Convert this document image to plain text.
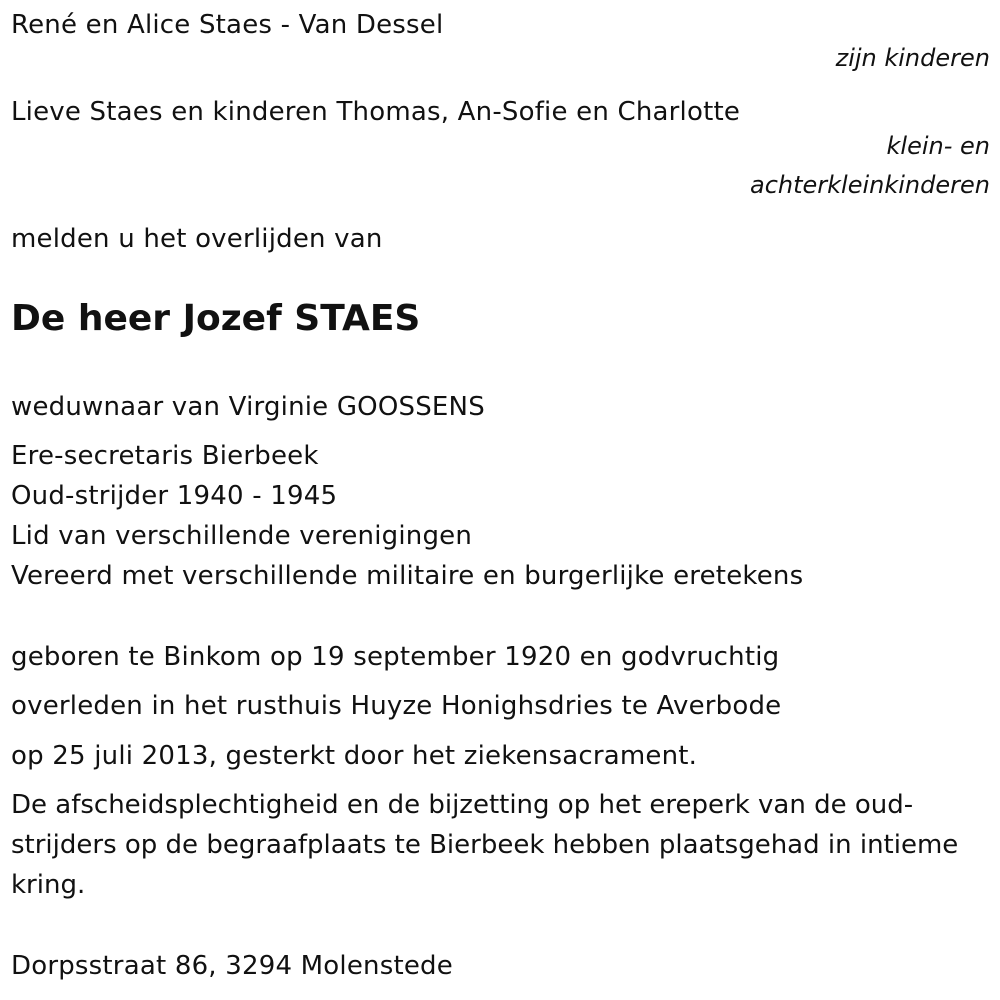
René en Alice Staes - Van Dessel
zijn kinderen
Lieve Staes en kinderen Thomas, An-Sofie en Charlotte
klein- en
achterkleinkinderen
melden u het overlijden van
De heer Jozef STAES
weduwnaar van Virginie GOOSSENS
Ere-secretaris Bierbeek
Oud-strijder 1940 - 1945
Lid van verschillende verenigingen
Vereerd met verschillende militaire en burgerlijke eretekens
geboren te Binkom op 19 september 1920 en godvruchtig
overleden in het rusthuis Huyze Honighsdries te Averbode
op 25 juli 2013, gesterkt door het ziekensacrament.
De afscheidsplechtigheid en de bijzetting op het ereperk van de oud-strijders op de begraafplaats te Bierbeek hebben plaatsgehad in intieme kring.
Dorpsstraat 86, 3294 Molenstede
